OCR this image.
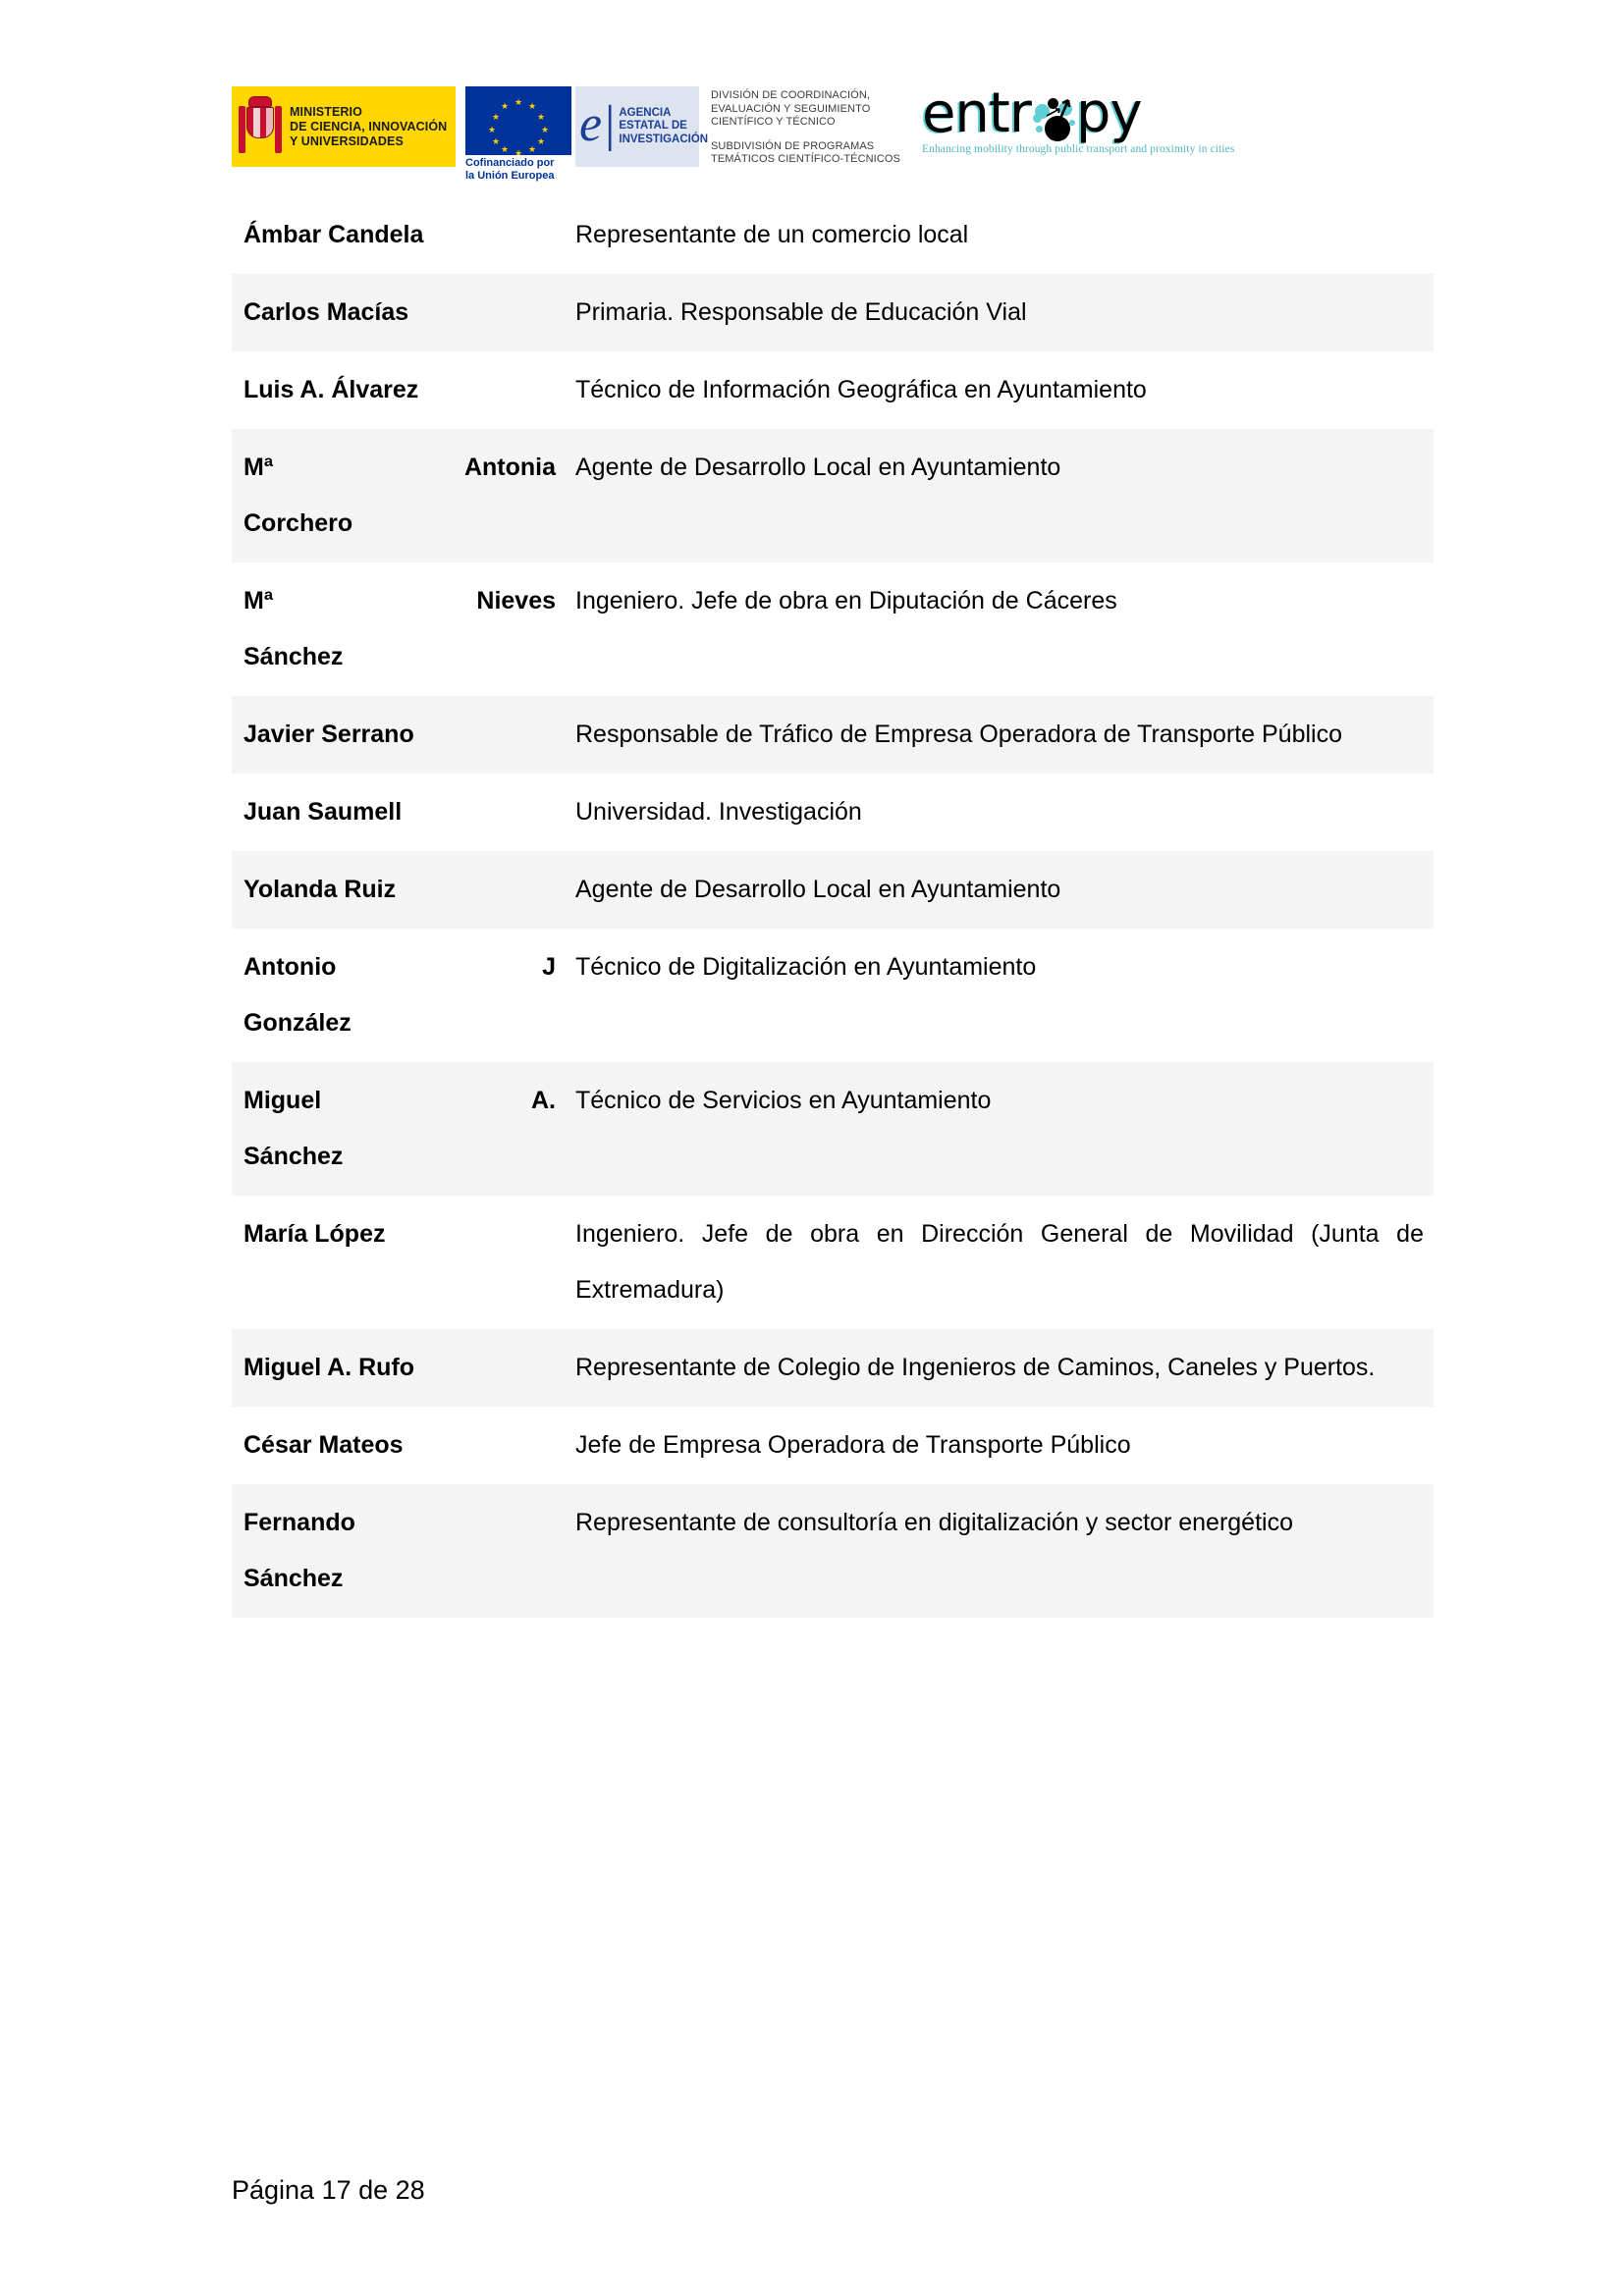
MINISTERIO
DE CIENCIA, INNOVACIÓN
Y UNIVERSIDADES
★ ★
★
★
★
★
★
★
★
★
★
★
Cofinanciado por
la Unión Europea
e| AGENCIA
ESTATAL DE
INVESTIGACIÓN
DIVISIÓN DE COORDINACIÓN,
EVALUACIÓN Y SEGUIMIENTO
CIENTÍFICO Y TÉCNICO
SUBDIVISIÓN DE PROGRAMAS
TEMÁTICOS CIENTÍFICO-TÉCNICOS
entr py
Enhancing mobility through public transport and proximity in cities
Ámbar Candela	Representante de un comercio local

Carlos Macías	Primaria. Responsable de Educación Vial

Luis A. Álvarez	Técnico de Información Geográfica en Ayuntamiento

Mª Antonia
Corchero	Agente de Desarrollo Local en Ayuntamiento

Mª Nieves
Sánchez	Ingeniero. Jefe de obra en Diputación de Cáceres

Javier Serrano	Responsable de Tráfico de Empresa Operadora de Transporte Público

Juan Saumell	Universidad. Investigación

Yolanda Ruiz	Agente de Desarrollo Local en Ayuntamiento

Antonio J
González	Técnico de Digitalización en Ayuntamiento

Miguel A.
Sánchez	Técnico de Servicios en Ayuntamiento

María López	Ingeniero. Jefe de obra en Dirección General de Movilidad (Junta de Extremadura)

Miguel A. Rufo	Representante de Colegio de Ingenieros de Caminos, Caneles y Puertos.

César Mateos	Jefe de Empresa Operadora de Transporte Público

Fernando
Sánchez	Representante de consultoría en digitalización y sector energético

Página 17 de 28
